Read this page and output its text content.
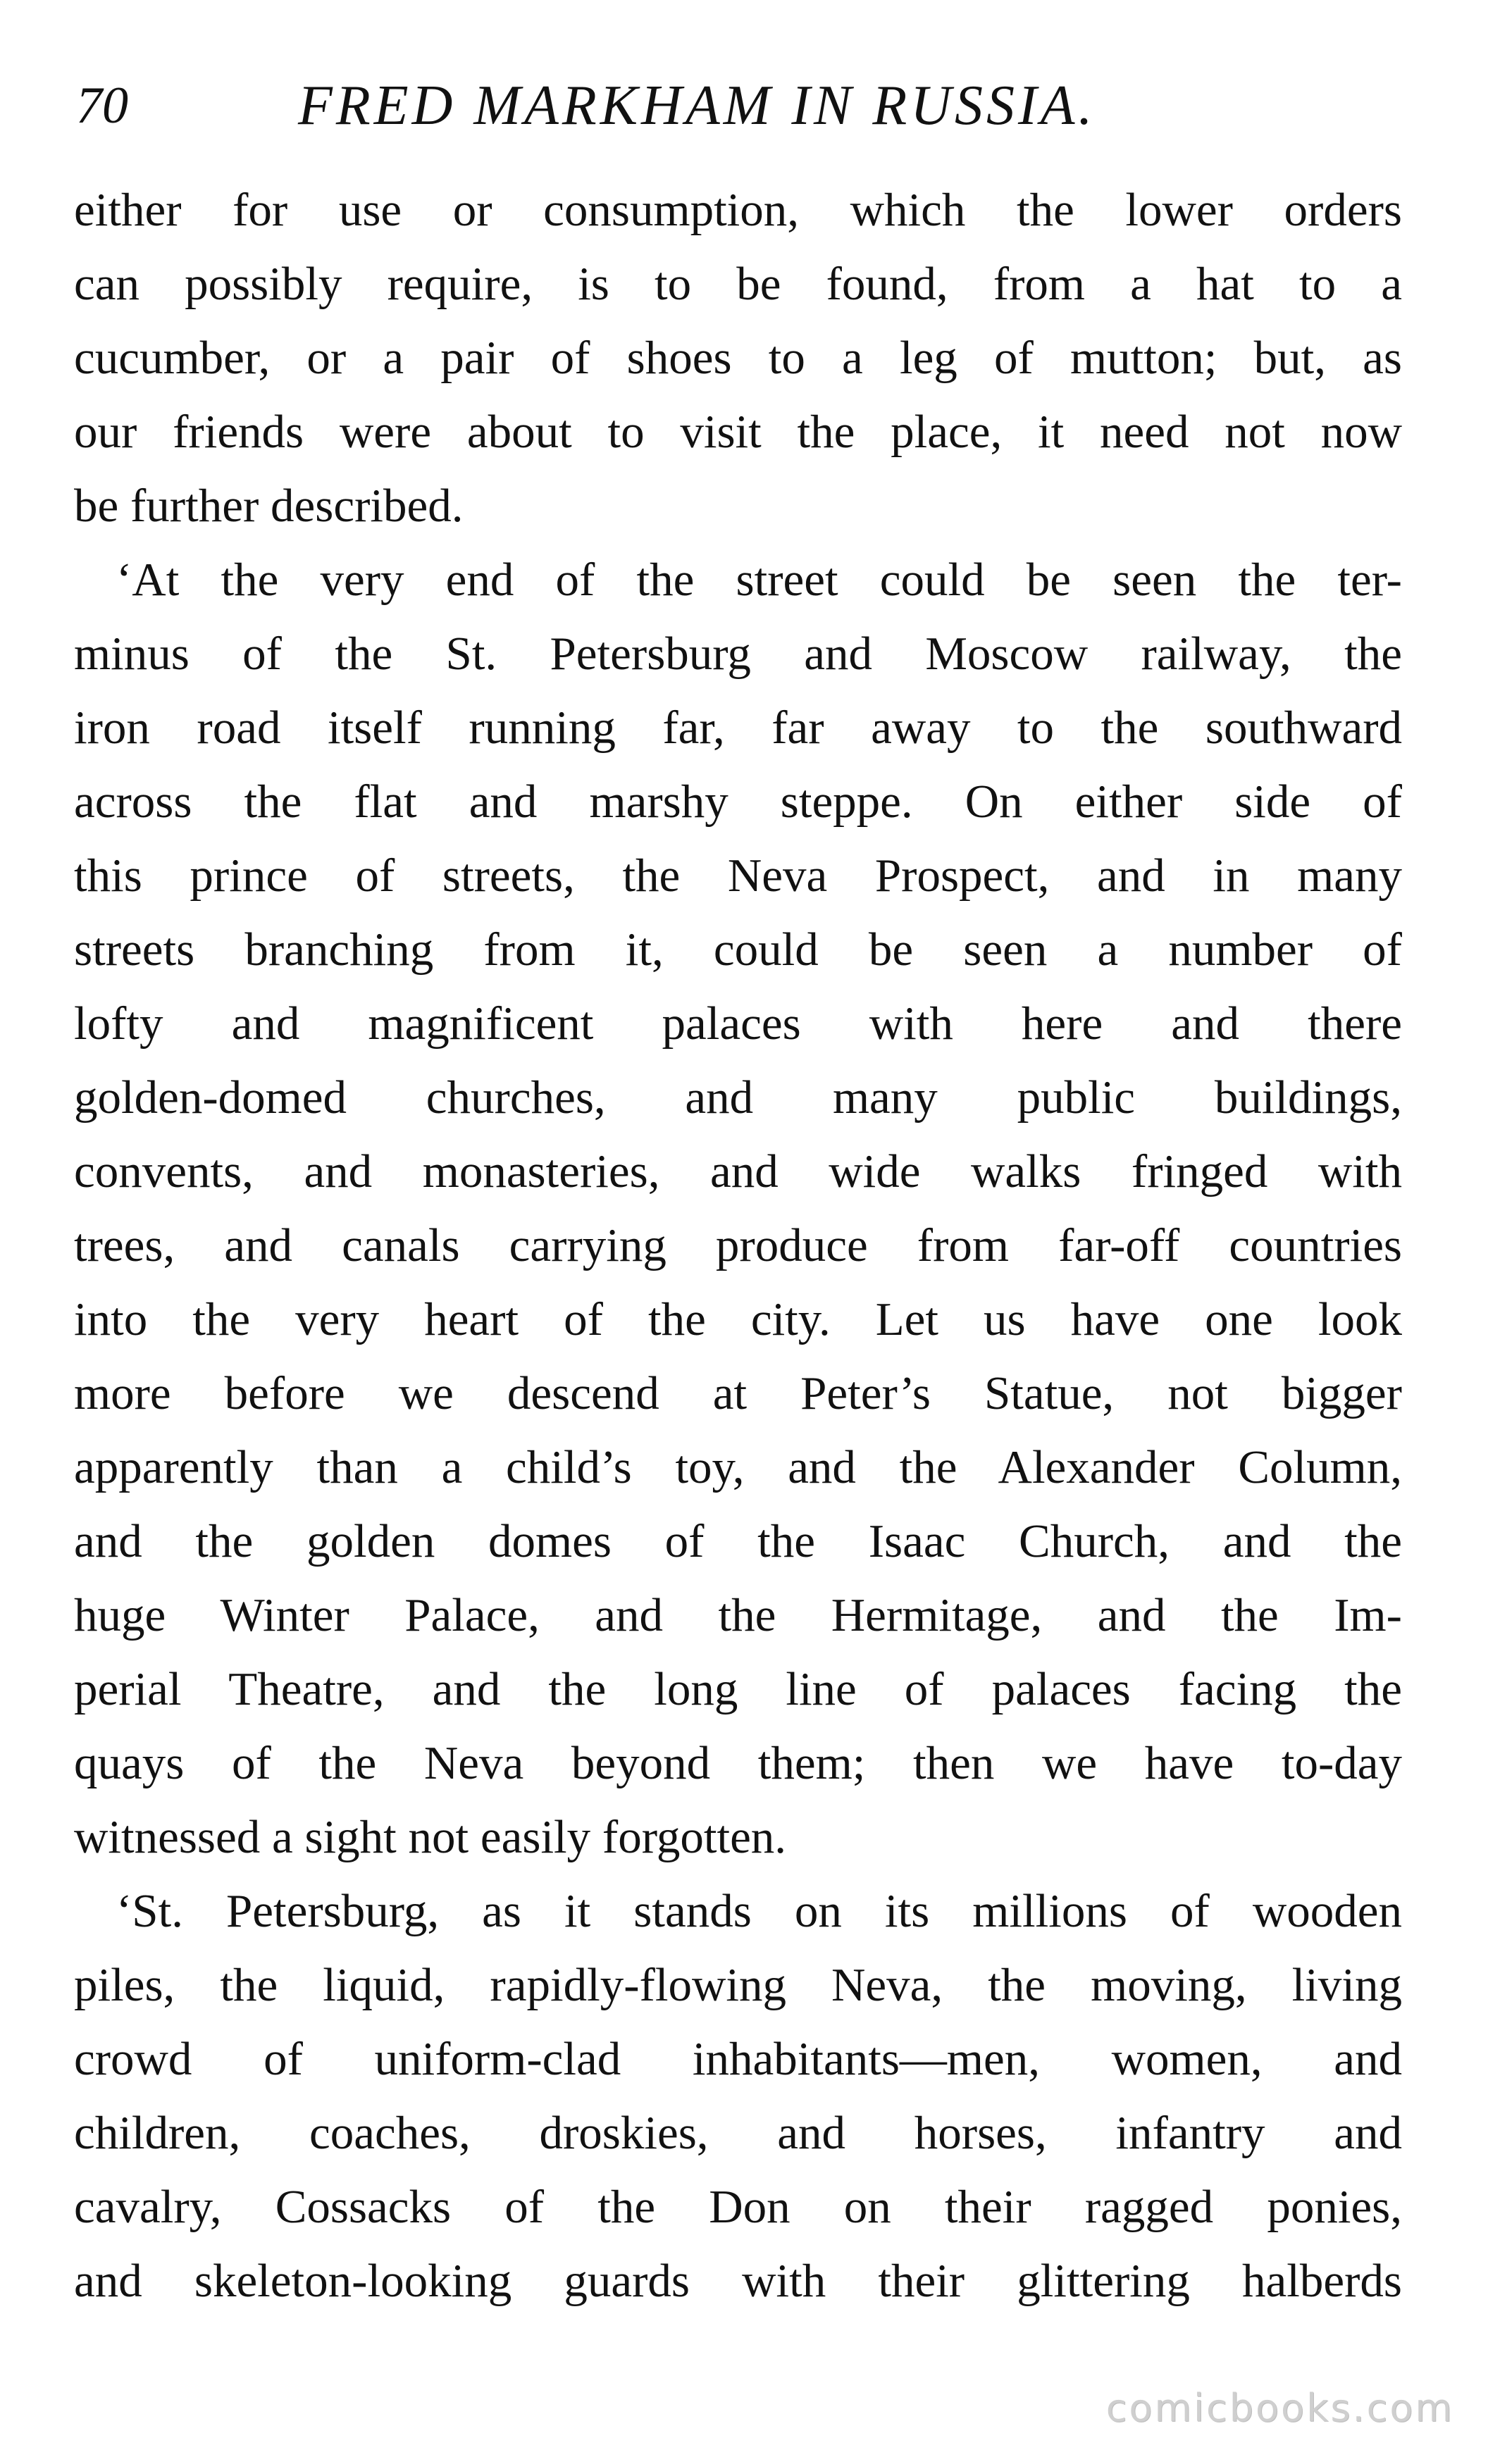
70	FRED MARKHAM IN RUSSIA.
either for use or consumption, which the lower orders
can possibly require, is to be found, from a hat to a
cucumber, or a pair of shoes to a leg of mutton; but, as
our friends were about to visit the place, it need not now
be further described.
‘At the very end of the street could be seen the ter-
minus of the St. Petersburg and Moscow railway, the
iron road itself running far, far away to the southward
across the flat and marshy steppe. On either side of
this prince of streets, the Neva Prospect, and in many
streets branching from it, could be seen a number of
lofty and magnificent palaces with here and there
golden-domed churches, and many public buildings,
convents, and monasteries, and wide walks fringed with
trees, and canals carrying produce from far-off countries
into the very heart of the city. Let us have one look
more before we descend at Peter’s Statue, not bigger
apparently than a child’s toy, and the Alexander Column,
and the golden domes of the Isaac Church, and the
huge Winter Palace, and the Hermitage, and the Im-
perial Theatre, and the long line of palaces facing the
quays of the Neva beyond them; then we have to-day
witnessed a sight not easily forgotten.
‘St. Petersburg, as it stands on its millions of wooden
piles, the liquid, rapidly-flowing Neva, the moving, living
crowd of uniform-clad inhabitants—men, women, and
children, coaches, droskies, and horses, infantry and
cavalry, Cossacks of the Don on their ragged ponies,
and skeleton-looking guards with their glittering halberds
comicbooks.com
